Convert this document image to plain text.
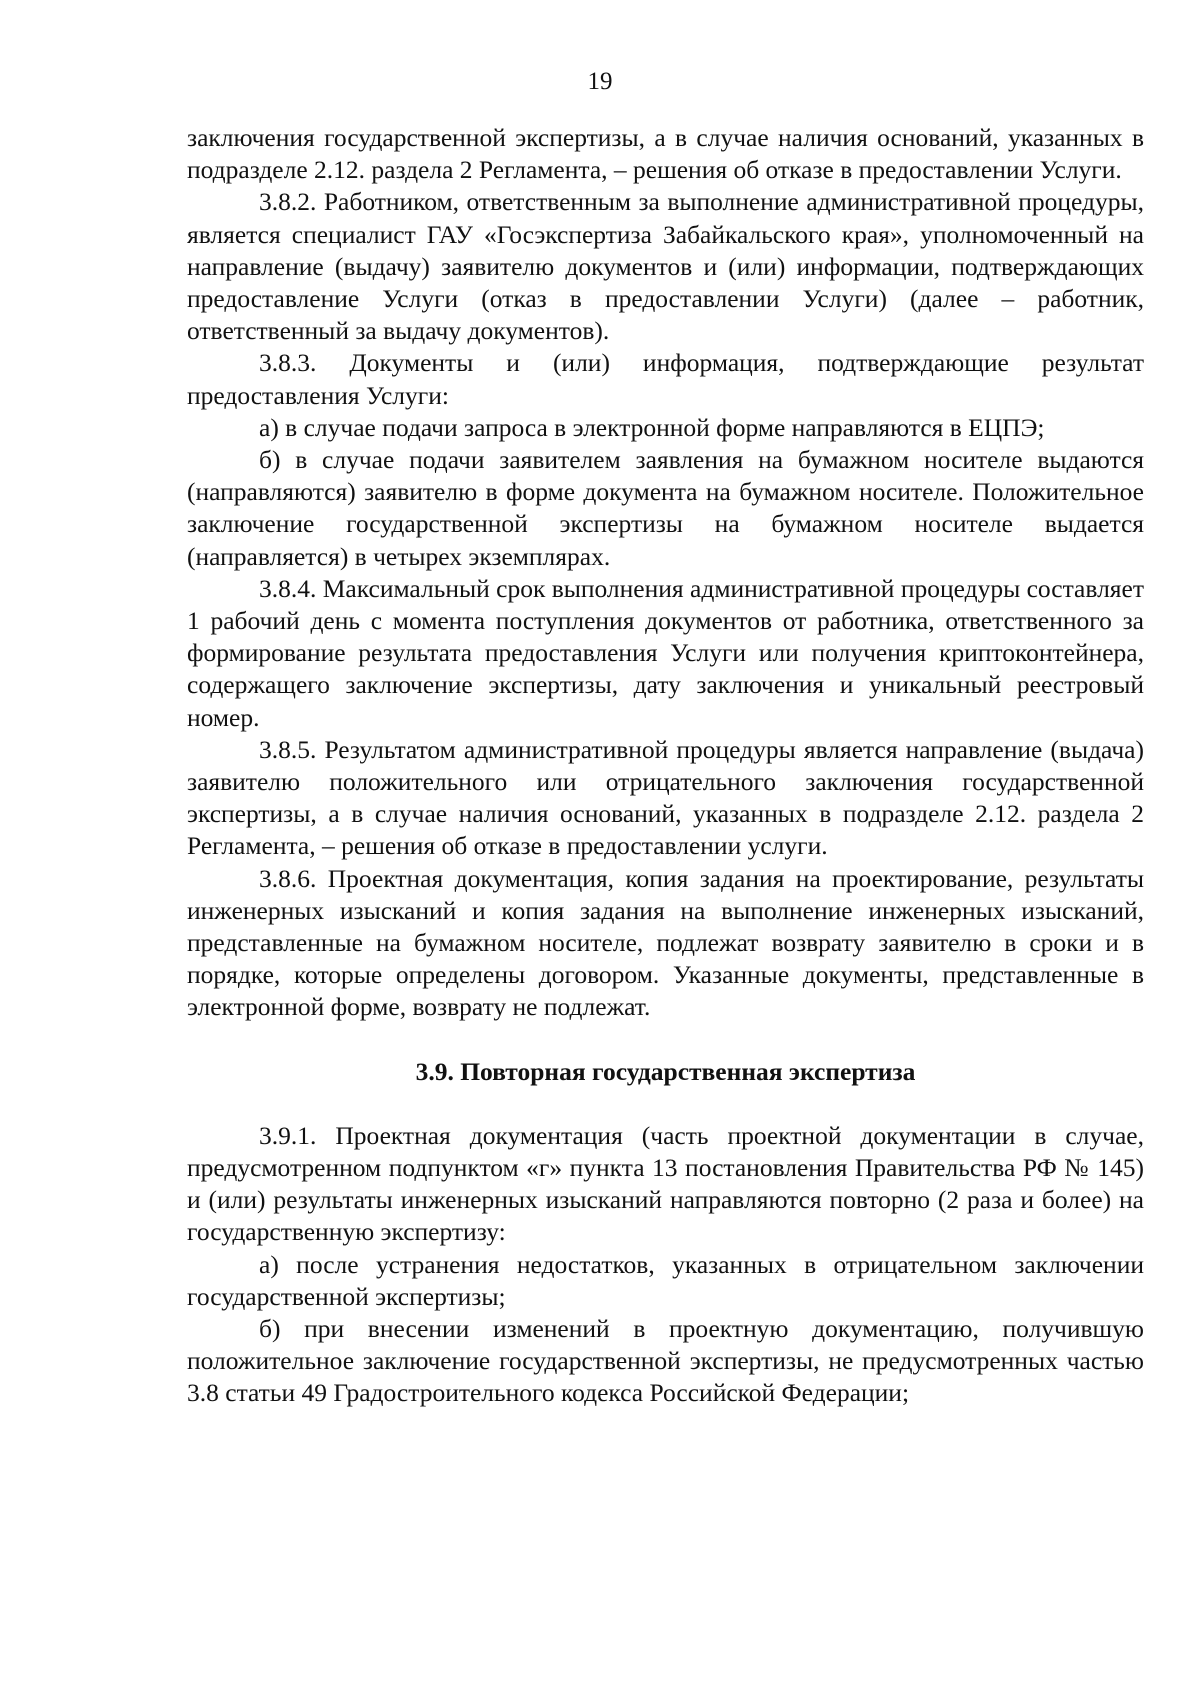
19

заключения государственной экспертизы, а в случае наличия оснований, указанных в подразделе 2.12. раздела 2 Регламента, – решения об отказе в предоставлении Услуги.

3.8.2. Работником, ответственным за выполнение административной процедуры, является специалист ГАУ «Госэкспертиза Забайкальского края», уполномоченный на направление (выдачу) заявителю документов и (или) информации, подтверждающих предоставление Услуги (отказ в предоставлении Услуги) (далее – работник, ответственный за выдачу документов).

3.8.3. Документы и (или) информация, подтверждающие результат предоставления Услуги:

а) в случае подачи запроса в электронной форме направляются в ЕЦПЭ;

б) в случае подачи заявителем заявления на бумажном носителе выдаются (направляются) заявителю в форме документа на бумажном носителе. Положительное заключение государственной экспертизы на бумажном носителе выдается (направляется) в четырех экземплярах.

3.8.4. Максимальный срок выполнения административной процедуры составляет 1 рабочий день с момента поступления документов от работника, ответственного за формирование результата предоставления Услуги или получения криптоконтейнера, содержащего заключение экспертизы, дату заключения и уникальный реестровый номер.

3.8.5. Результатом административной процедуры является направление (выдача) заявителю положительного или отрицательного заключения государственной экспертизы, а в случае наличия оснований, указанных в подразделе 2.12. раздела 2 Регламента, – решения об отказе в предоставлении услуги.

3.8.6. Проектная документация, копия задания на проектирование, результаты инженерных изысканий и копия задания на выполнение инженерных изысканий, представленные на бумажном носителе, подлежат возврату заявителю в сроки и в порядке, которые определены договором. Указанные документы, представленные в электронной форме, возврату не подлежат.

3.9. Повторная государственная экспертиза

3.9.1. Проектная документация (часть проектной документации в случае, предусмотренном подпунктом «г» пункта 13 постановления Правительства РФ № 145) и (или) результаты инженерных изысканий направляются повторно (2 раза и более) на государственную экспертизу:

а) после устранения недостатков, указанных в отрицательном заключении государственной экспертизы;

б) при внесении изменений в проектную документацию, получившую положительное заключение государственной экспертизы, не предусмотренных частью 3.8 статьи 49 Градостроительного кодекса Российской Федерации;
